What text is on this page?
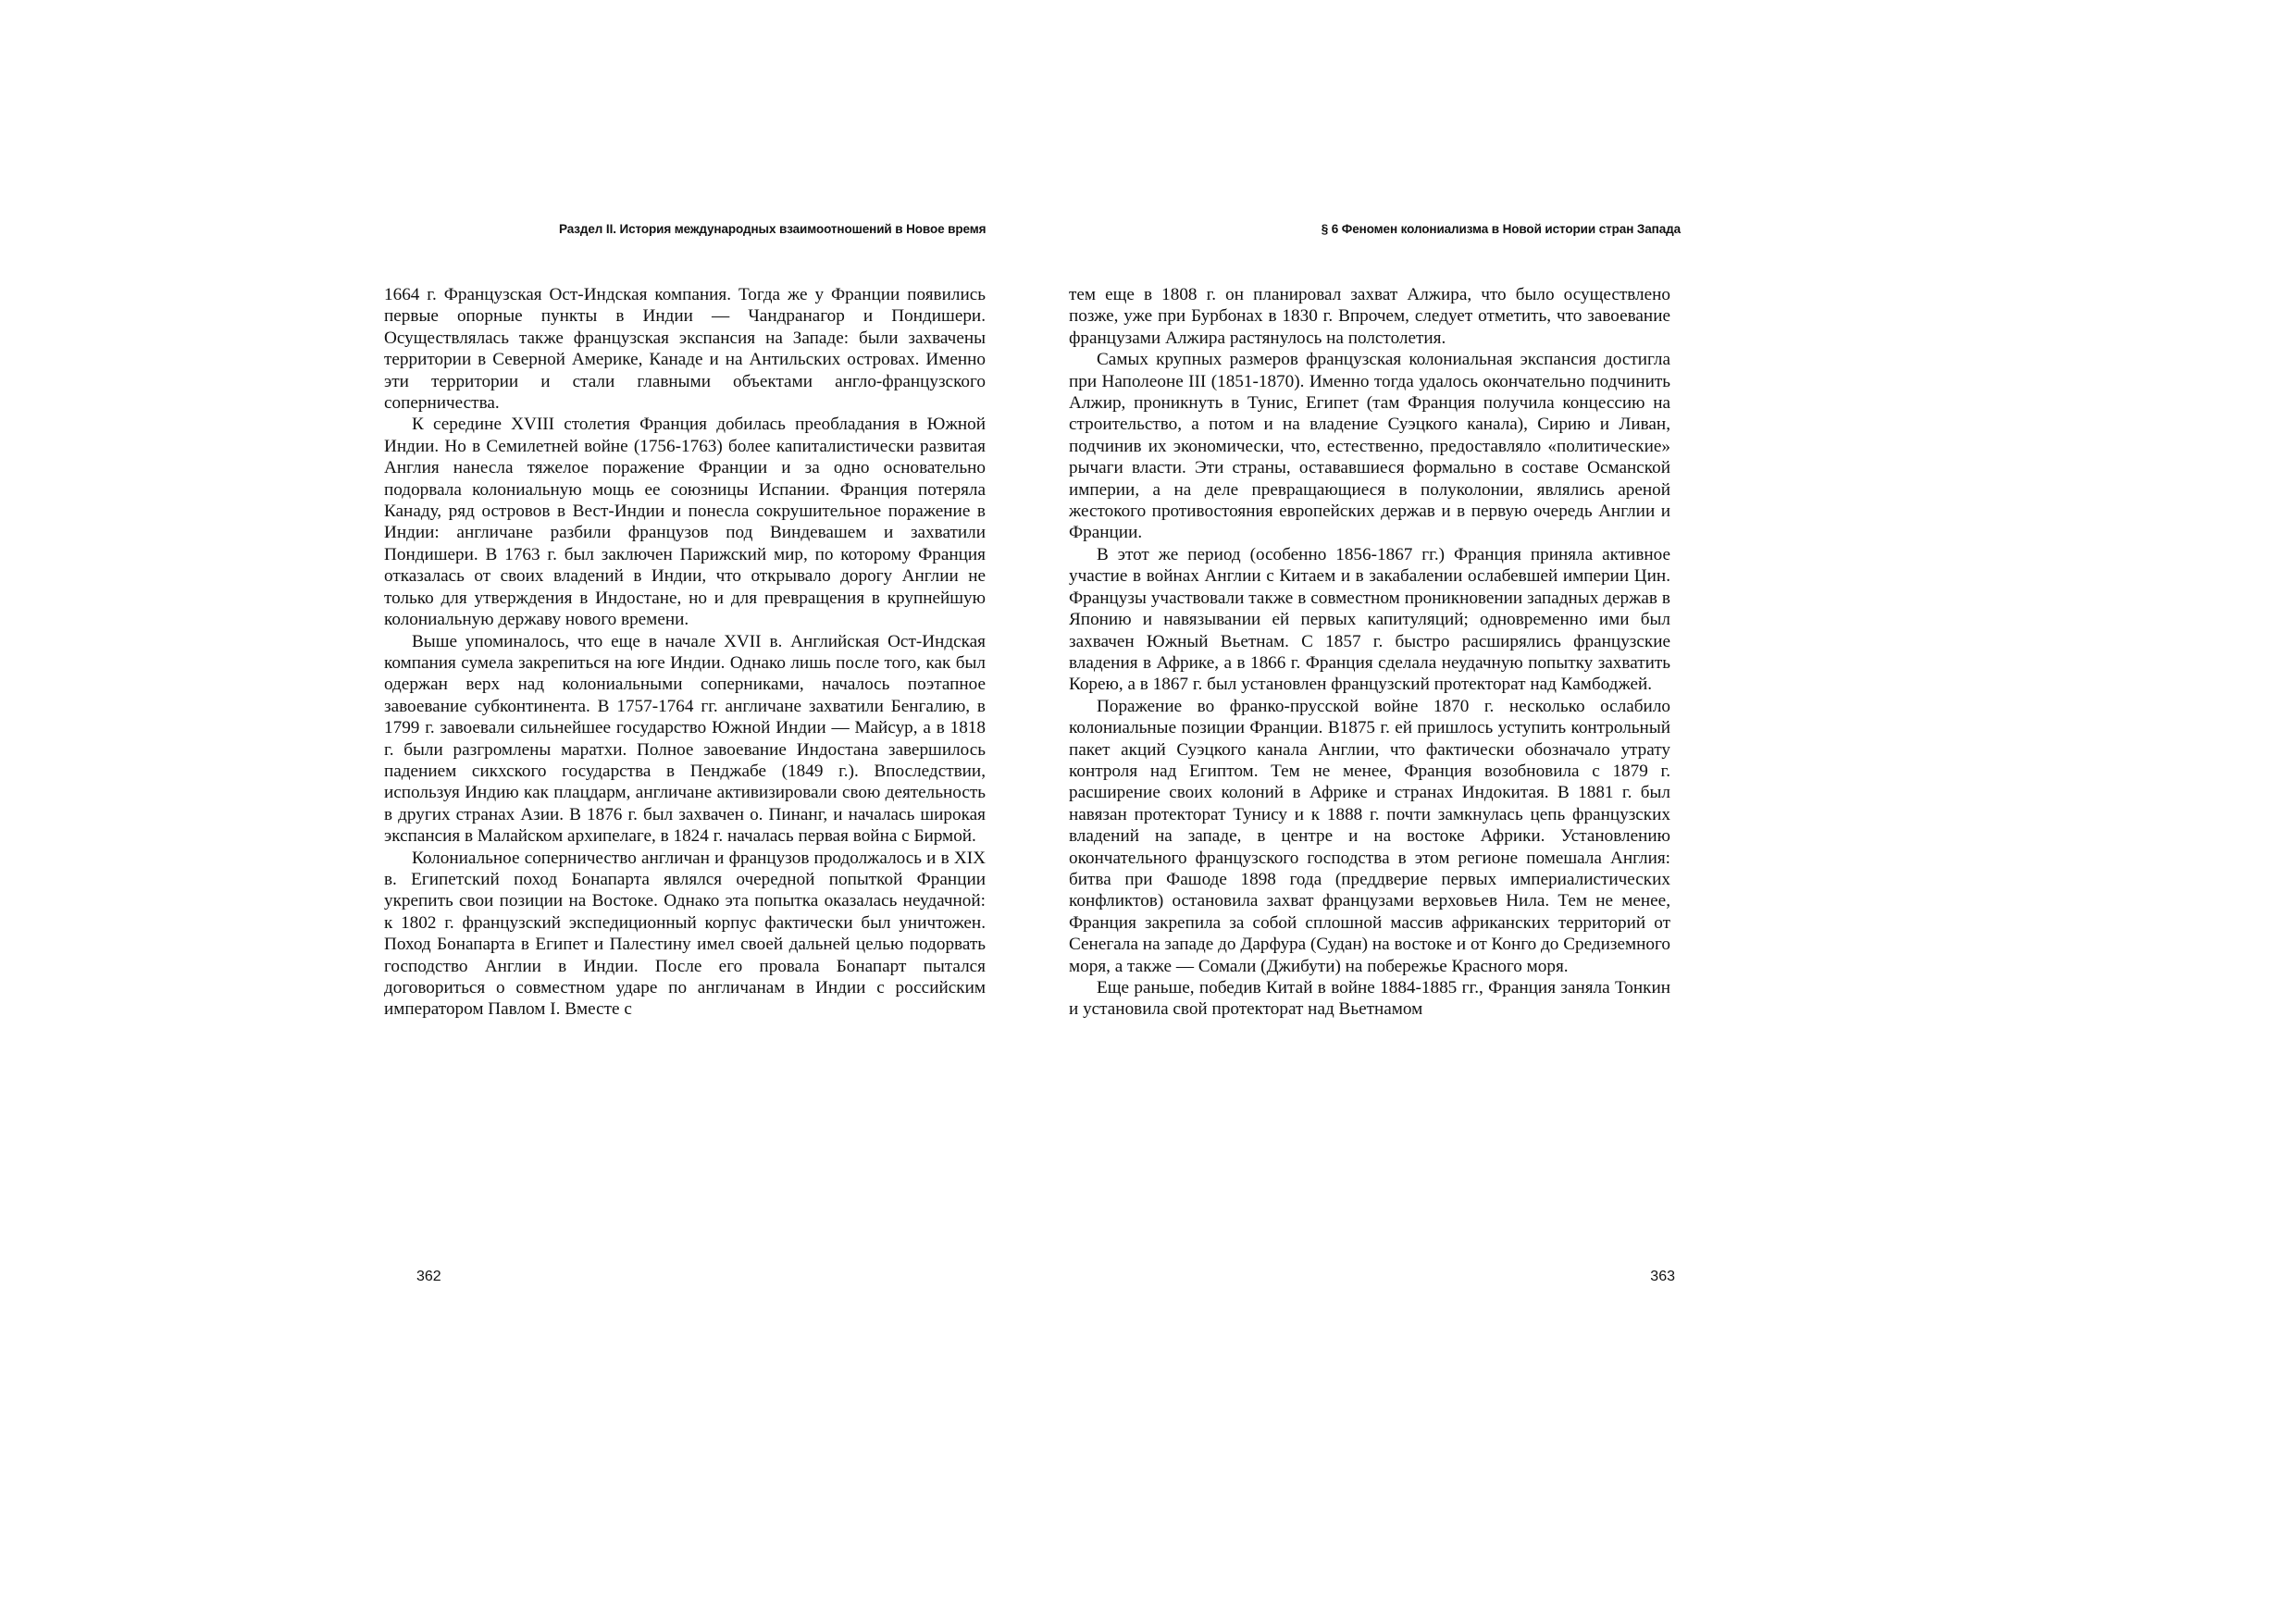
Раздел II. История международных взаимоотношений в Новое время

1664 г. Французская Ост-Индская компания. Тогда же у Франции появились первые опорные пункты в Индии — Чандранагор и Пондишери. Осуществлялась также французская экспансия на Западе: были захвачены территории в Северной Америке, Канаде и на Антильских островах. Именно эти территории и стали главными объектами англо-французского соперничества.

К середине XVIII столетия Франция добилась преобладания в Южной Индии. Но в Семилетней войне (1756-1763) более капиталистически развитая Англия нанесла тяжелое поражение Франции и за одно основательно подорвала колониальную мощь ее союзницы Испании. Франция потеряла Канаду, ряд островов в Вест-Индии и понесла сокрушительное поражение в Индии: англичане разбили французов под Виндевашем и захватили Пондишери. В 1763 г. был заключен Парижский мир, по которому Франция отказалась от своих владений в Индии, что открывало дорогу Англии не только для утверждения в Индостане, но и для превращения в крупнейшую колониальную державу нового времени.

Выше упоминалось, что еще в начале XVII в. Английская Ост-Индская компания сумела закрепиться на юге Индии. Однако лишь после того, как был одержан верх над колониальными соперниками, началось поэтапное завоевание субконтинента. В 1757-1764 гг. англичане захватили Бенгалию, в 1799 г. завоевали сильнейшее государство Южной Индии — Майсур, а в 1818 г. были разгромлены маратхи. Полное завоевание Индостана завершилось падением сикхского государства в Пенджабе (1849 г.). Впоследствии, используя Индию как плацдарм, англичане активизировали свою деятельность в других странах Азии. В 1876 г. был захвачен о. Пинанг, и началась широкая экспансия в Малайском архипелаге, в 1824 г. началась первая война с Бирмой.

Колониальное соперничество англичан и французов продолжалось и в XIX в. Египетский поход Бонапарта являлся очередной попыткой Франции укрепить свои позиции на Востоке. Однако эта попытка оказалась неудачной: к 1802 г. французский экспедиционный корпус фактически был уничтожен. Поход Бонапарта в Египет и Палестину имел своей дальней целью подорвать господство Англии в Индии. После его провала Бонапарт пытался договориться о совместном ударе по англичанам в Индии с российским императором Павлом I. Вместе с

362
§ 6 Феномен колониализма в Новой истории стран Запада

тем еще в 1808 г. он планировал захват Алжира, что было осуществлено позже, уже при Бурбонах в 1830 г. Впрочем, следует отметить, что завоевание французами Алжира растянулось на полстолетия.

Самых крупных размеров французская колониальная экспансия достигла при Наполеоне III (1851-1870). Именно тогда удалось окончательно подчинить Алжир, проникнуть в Тунис, Египет (там Франция получила концессию на строительство, а потом и на владение Суэцкого канала), Сирию и Ливан, подчинив их экономически, что, естественно, предоставляло «политические» рычаги власти. Эти страны, остававшиеся формально в составе Османской империи, а на деле превращающиеся в полуколонии, являлись ареной жестокого противостояния европейских держав и в первую очередь Англии и Франции.

В этот же период (особенно 1856-1867 гг.) Франция приняла активное участие в войнах Англии с Китаем и в закабалении ослабевшей империи Цин. Французы участвовали также в совместном проникновении западных держав в Японию и навязывании ей первых капитуляций; одновременно ими был захвачен Южный Вьетнам. С 1857 г. быстро расширялись французские владения в Африке, а в 1866 г. Франция сделала неудачную попытку захватить Корею, а в 1867 г. был установлен французский протекторат над Камбоджей.

Поражение во франко-прусской войне 1870 г. несколько ослабило колониальные позиции Франции. В1875 г. ей пришлось уступить контрольный пакет акций Суэцкого канала Англии, что фактически обозначало утрату контроля над Египтом. Тем не менее, Франция возобновила с 1879 г. расширение своих колоний в Африке и странах Индокитая. В 1881 г. был навязан протекторат Тунису и к 1888 г. почти замкнулась цепь французских владений на западе, в центре и на востоке Африки. Установлению окончательного французского господства в этом регионе помешала Англия: битва при Фашоде 1898 года (преддверие первых империалистических конфликтов) остановила захват французами верховьев Нила. Тем не менее, Франция закрепила за собой сплошной массив африканских территорий от Сенегала на западе до Дарфура (Судан) на востоке и от Конго до Средиземного моря, а также — Сомали (Джибути) на побережье Красного моря.

Еще раньше, победив Китай в войне 1884-1885 гг., Франция заняла Тонкин и установила свой протекторат над Вьетнамом

363
